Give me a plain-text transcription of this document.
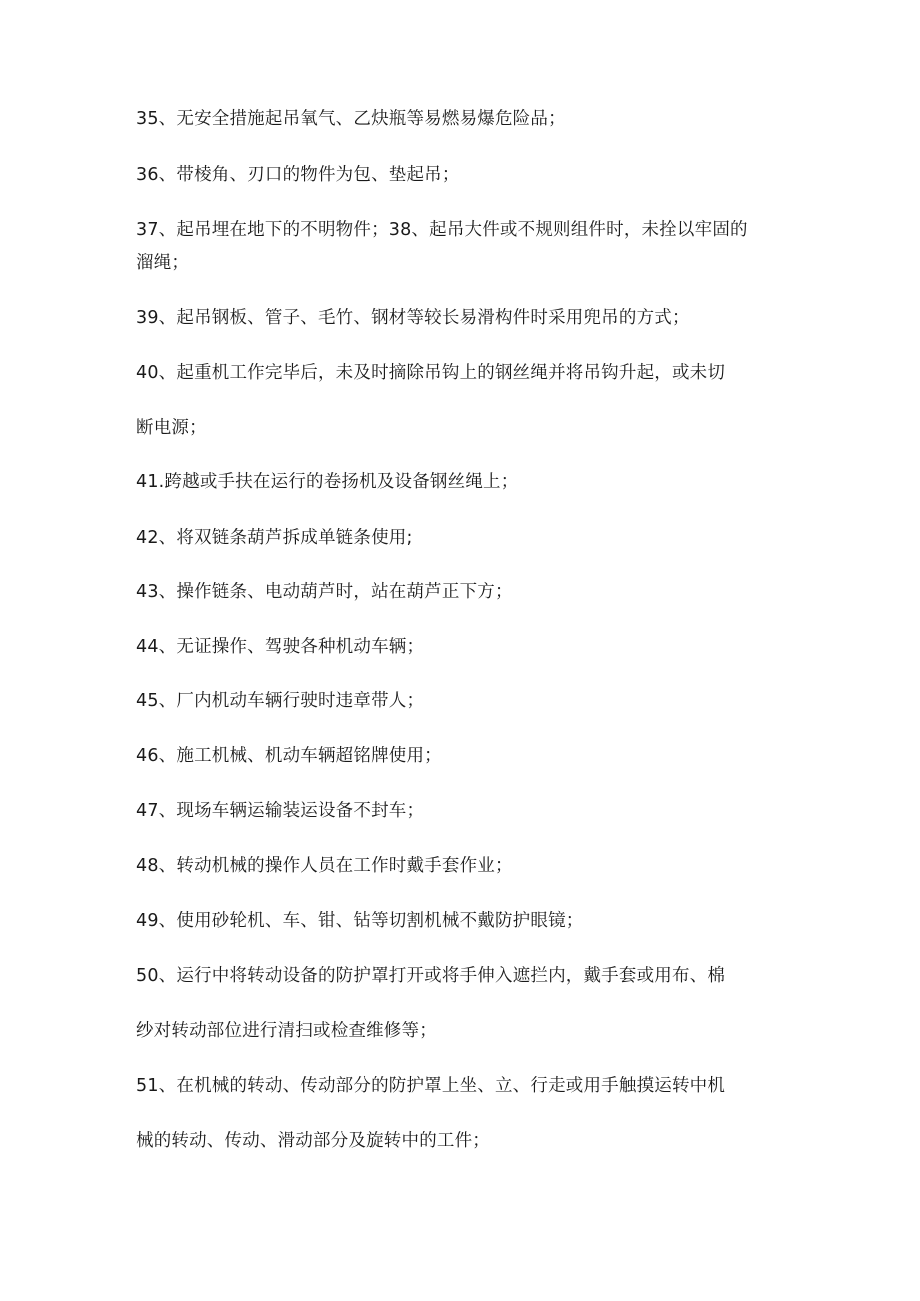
35、无安全措施起吊氧气、乙炔瓶等易燃易爆危险品；
36、带棱角、刃口的物件为包、垫起吊；
37、起吊埋在地下的不明物件；38、起吊大件或不规则组件时，未拴以牢固的
溜绳；
39、起吊钢板、管子、毛竹、钢材等较长易滑构件时采用兜吊的方式；
40、起重机工作完毕后，未及时摘除吊钩上的钢丝绳并将吊钩升起，或未切
断电源；
41.跨越或手扶在运行的卷扬机及设备钢丝绳上；
42、将双链条葫芦拆成单链条使用;
43、操作链条、电动葫芦时，站在葫芦正下方；
44、无证操作、驾驶各种机动车辆；
45、厂内机动车辆行驶时违章带人；
46、施工机械、机动车辆超铭牌使用；
47、现场车辆运输装运设备不封车；
48、转动机械的操作人员在工作时戴手套作业；
49、使用砂轮机、车、钳、钻等切割机械不戴防护眼镜；
50、运行中将转动设备的防护罩打开或将手伸入遮拦内，戴手套或用布、棉
纱对转动部位进行清扫或检查维修等；
51、在机械的转动、传动部分的防护罩上坐、立、行走或用手触摸运转中机
械的转动、传动、滑动部分及旋转中的工件；
